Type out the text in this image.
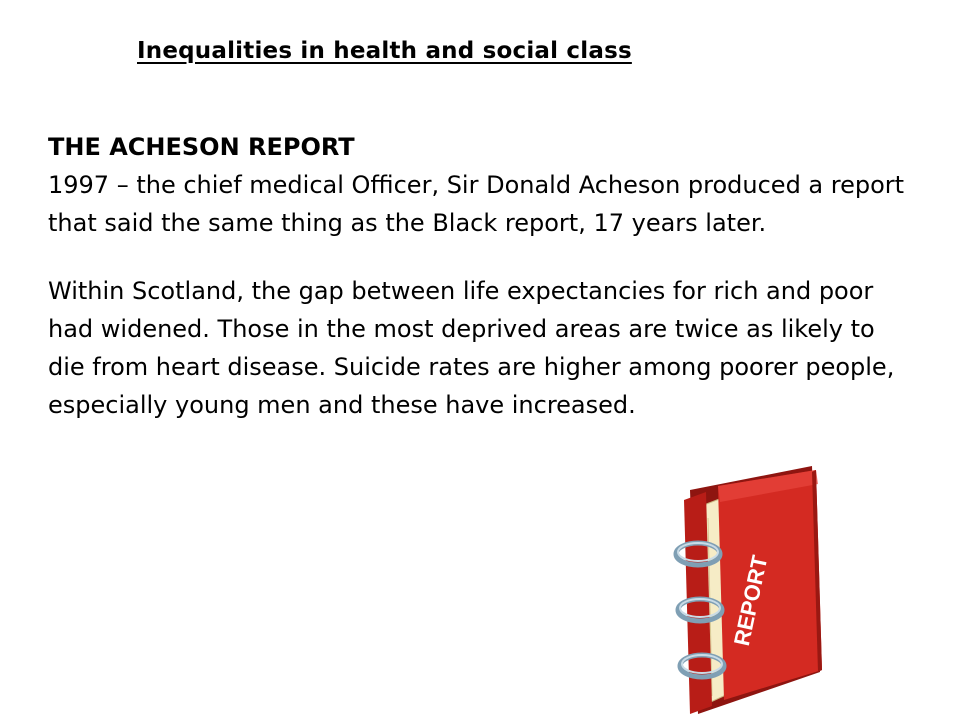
Inequalities in health and social class
THE ACHESON REPORT

1997 – the chief medical Officer, Sir Donald Acheson produced a report that said the same thing as the Black report, 17 years later.

Within Scotland, the gap between life expectancies for rich and poor had widened. Those in the most deprived areas are twice as likely to die from heart disease. Suicide rates are higher among poorer people, especially young men and these have increased.

REPORT
